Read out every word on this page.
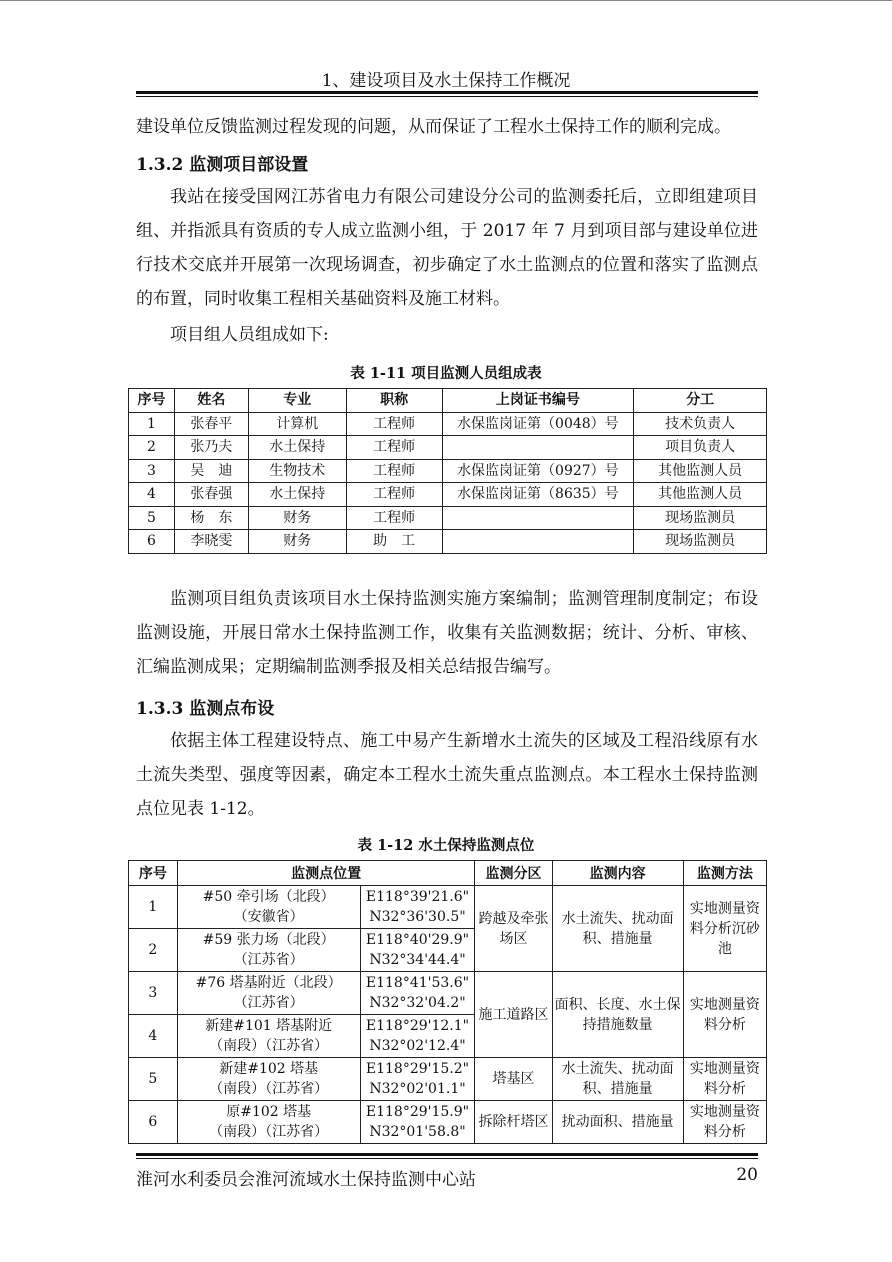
1、建设项目及水土保持工作概况
建设单位反馈监测过程发现的问题，从而保证了工程水土保持工作的顺利完成。
1.3.2 监测项目部设置
我站在接受国网江苏省电力有限公司建设分公司的监测委托后，立即组建项目组、并指派具有资质的专人成立监测小组，于 2017 年 7 月到项目部与建设单位进行技术交底并开展第一次现场调查，初步确定了水土监测点的位置和落实了监测点的布置，同时收集工程相关基础资料及施工材料。
项目组人员组成如下:
表 1-11 项目监测人员组成表
序号	姓名	专业	职称	上岗证书编号	分工
1	张春平	计算机	工程师	水保监岗证第（0048）号	技术负责人
2	张乃夫	水土保持	工程师		项目负责人
3	吴　迪	生物技术	工程师	水保监岗证第（0927）号	其他监测人员
4	张春强	水土保持	工程师	水保监岗证第（8635）号	其他监测人员
5	杨　东	财务	工程师		现场监测员
6	李晓雯	财务	助　工		现场监测员
监测项目组负责该项目水土保持监测实施方案编制；监测管理制度制定；布设监测设施，开展日常水土保持监测工作，收集有关监测数据；统计、分析、审核、汇编监测成果；定期编制监测季报及相关总结报告编写。
1.3.3 监测点布设
依据主体工程建设特点、施工中易产生新增水土流失的区域及工程沿线原有水土流失类型、强度等因素，确定本工程水土流失重点监测点。本工程水土保持监测点位见表 1-12。
表 1-12 水土保持监测点位
序号	监测点位置		监测分区	监测内容	监测方法
1	#50 牵引场（北段）
（安徽省）	E118°39'21.6"
N32°36'30.5"	跨越及牵张场区	水土流失、扰动面积、措施量	实地测量资料分析沉砂池
2	#59 张力场（北段）
（江苏省）	E118°40'29.9"
N32°34'44.4"			
3	#76 塔基附近（北段）
（江苏省）	E118°41'53.6"
N32°32'04.2"	施工道路区	面积、长度、水土保持措施数量	实地测量资料分析
4	新建#101 塔基附近
（南段）（江苏省）	E118°29'12.1"
N32°02'12.4"			
5	新建#102 塔基
（南段）（江苏省）	E118°29'15.2"
N32°02'01.1"	塔基区	水土流失、扰动面积、措施量	实地测量资料分析
6	原#102 塔基
（南段）（江苏省）	E118°29'15.9"
N32°01'58.8"	拆除杆塔区	扰动面积、措施量	实地测量资料分析
淮河水利委员会淮河流域水土保持监测中心站	20
